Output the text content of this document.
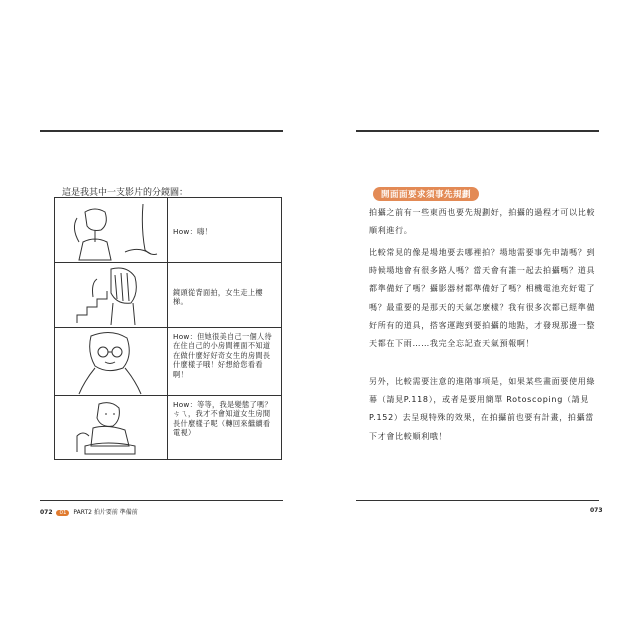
這是我其中一支影片的分鏡圖：
	How：嗨！

	鏡頭從背面拍，女生走上樓梯。

	How：但她很美自己一個人待在住自己的小房間裡面不知道在做什麼好好奇女生的房間長什麼樣子哦！好想給您看看啊！

	How：等等，我是變態了嗎？ㄘㄟ，我才不會知道女生房間長什麼樣子呢（轉回來繼續看電視）
072 01 PART2 拍片要前 準備前
開面面要求須事先規劃

拍攝之前有一些東西也要先規劃好，拍攝的過程才可以比較順利進行。

比較常見的像是場地要去哪裡拍？場地需要事先申請嗎？到時候場地會有很多路人嗎？當天會有誰一起去拍攝嗎？道具都準備好了嗎？攝影器材都準備好了嗎？相機電池充好電了嗎？最重要的是那天的天氣怎麼樣？我有很多次都已經準備好所有的道具，搭客運跑到要拍攝的地點，才發現那邊一整天都在下雨……我完全忘記查天氣預報啊！

另外，比較需要注意的進階事項是，如果某些畫面要使用綠幕（請見P.118），或者是要用簡單 Rotoscoping（請見P.152）去呈現特殊的效果，在拍攝前也要有計畫，拍攝當下才會比較順利哦！

073
